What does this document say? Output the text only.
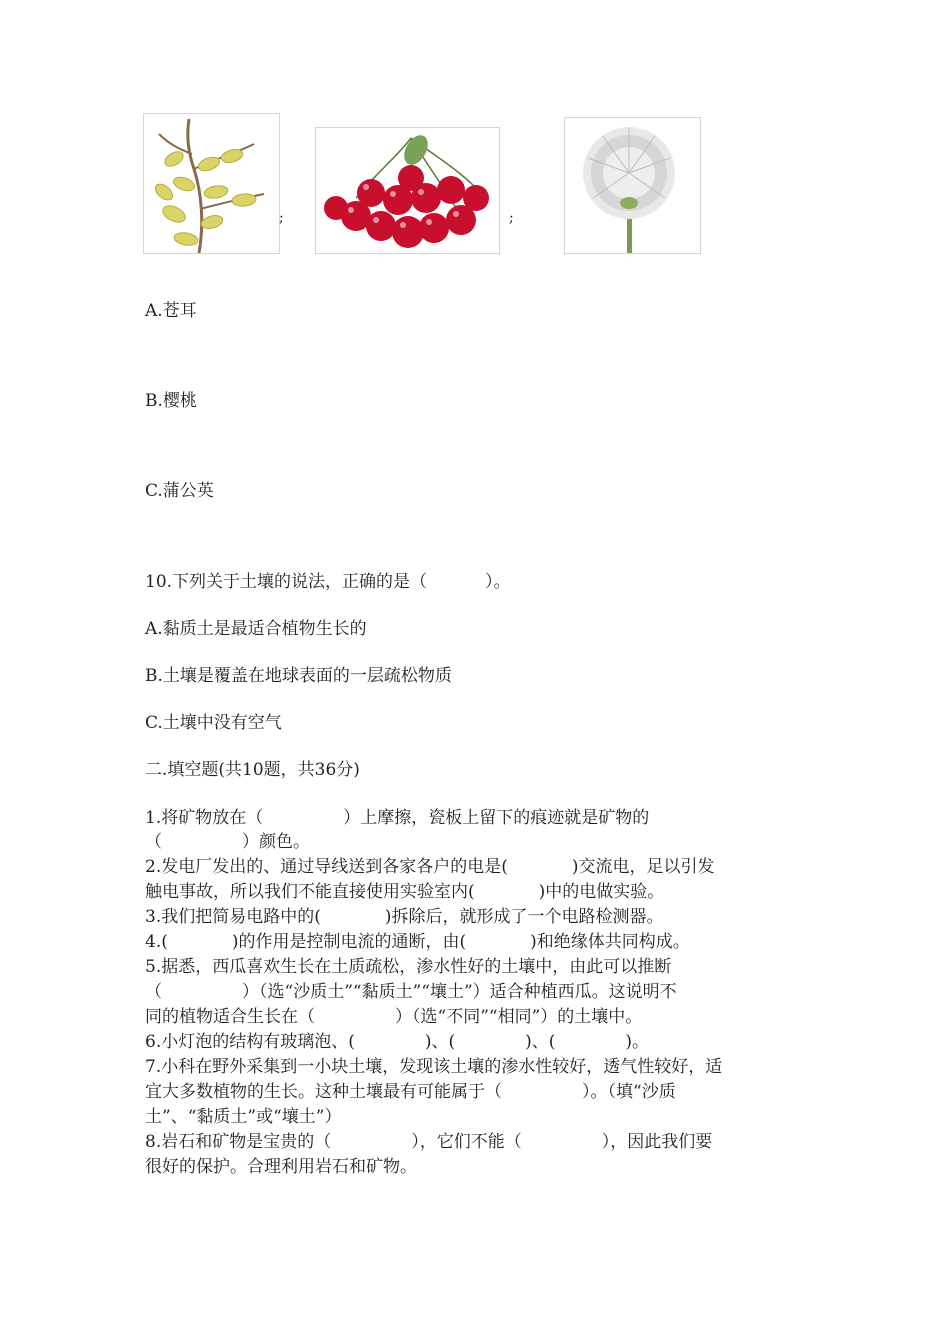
;	;
A.苍耳
B.樱桃
C.蒲公英
10.下列关于土壤的说法，正确的是（	）。
A.黏质土是最适合植物生长的
B.土壤是覆盖在地球表面的一层疏松物质
C.土壤中没有空气
二.填空题(共10题，共36分)
1.将矿物放在（	）上摩擦，瓷板上留下的痕迹就是矿物的
（	）颜色。
2.发电厂发出的、通过导线送到各家各户的电是(	)交流电，足以引发
触电事故，所以我们不能直接使用实验室内(	)中的电做实验。
3.我们把简易电路中的(	)拆除后，就形成了一个电路检测器。
4.(	)的作用是控制电流的通断，由(	)和绝缘体共同构成。
5.据悉，西瓜喜欢生长在土质疏松，渗水性好的土壤中，由此可以推断
（	）（选“沙质土”“黏质土”“壤土”）适合种植西瓜。这说明不
同的植物适合生长在（	）（选“不同”“相同”）的土壤中。
6.小灯泡的结构有玻璃泡、(	)、(	)、(	)。
7.小科在野外采集到一小块土壤，发现该土壤的渗水性较好，透气性较好，适
宜大多数植物的生长。这种土壤最有可能属于（	）。（填“沙质
土”、“黏质土”或“壤土”）
8.岩石和矿物是宝贵的（	），它们不能（	），因此我们要
很好的保护。合理利用岩石和矿物。
